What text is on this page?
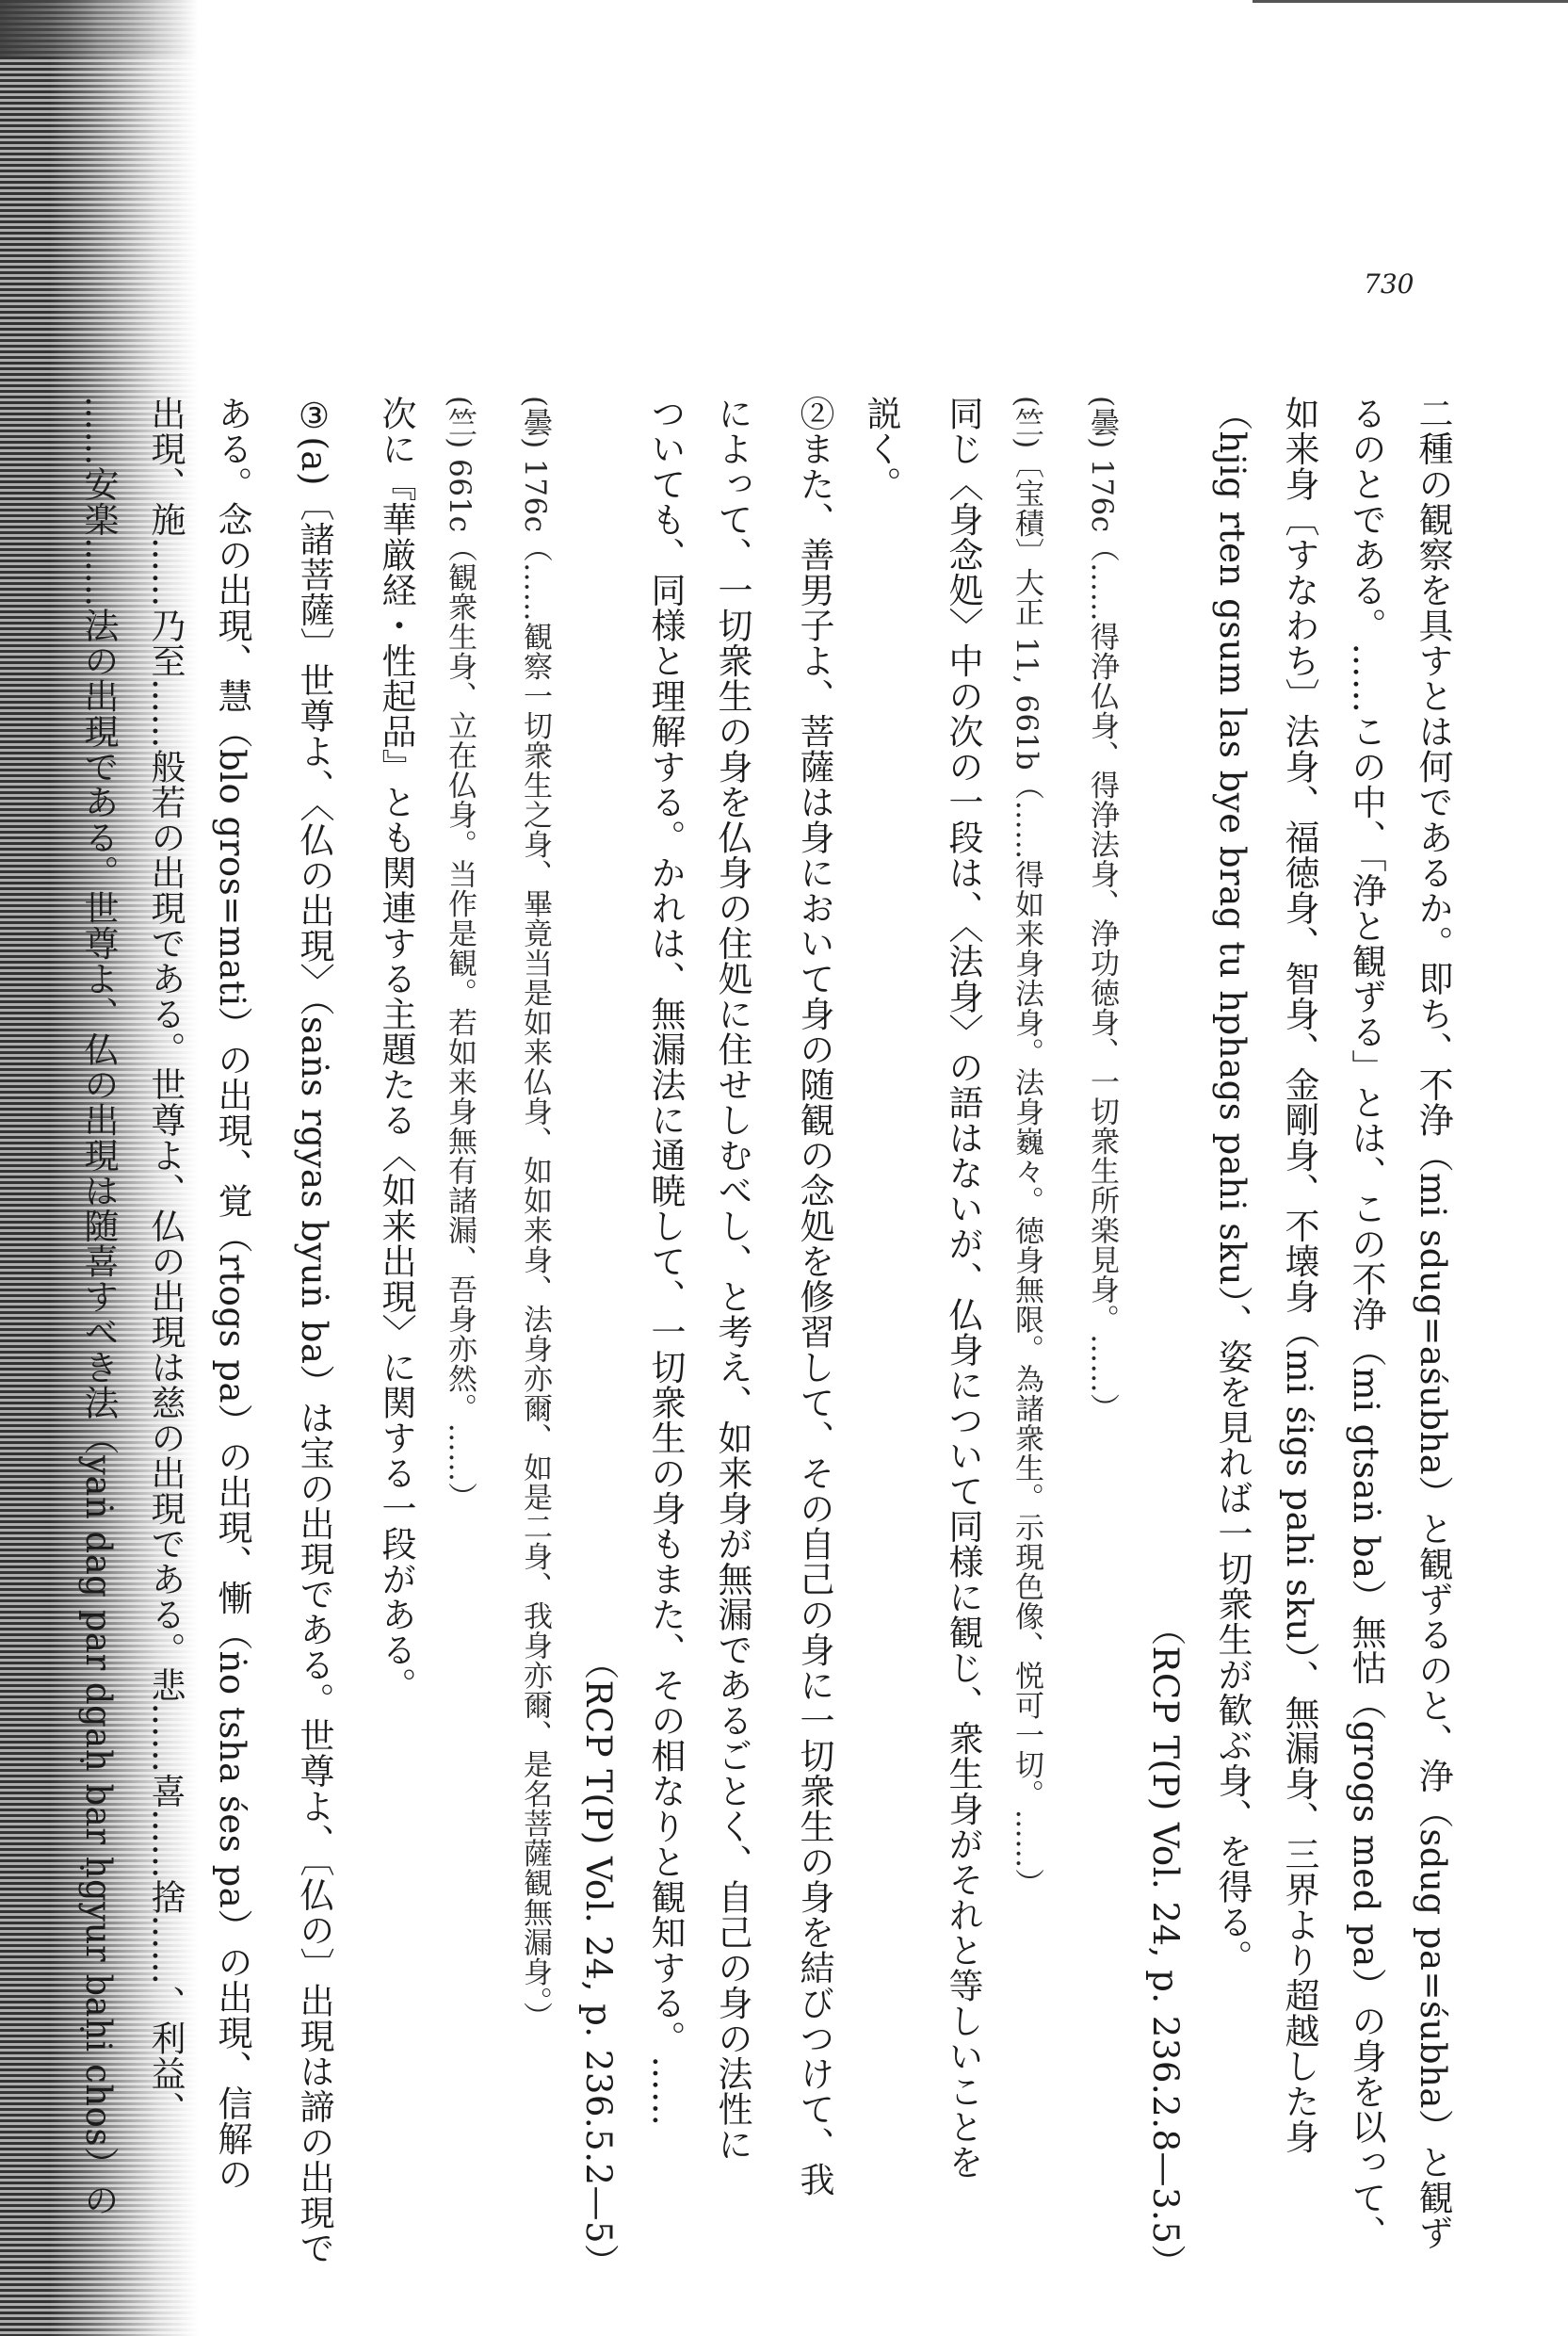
730
二種の観察を具すとは何であるか。即ち、不浄（mi sdug=aśubha）と観ずるのと、浄（sdug pa=śubha）と観ず
るのとである。……この中、「浄と観ずる」とは、この不浄（mi gtsaṅ ba）無怙（grogs med pa）の身を以って、
如来身〔すなわち〕法身、福徳身、智身、金剛身、不壊身（mi śigs pahi sku）、無漏身、三界より超越した身
（hjig rten gsum las bye brag tu hphags pahi sku）、姿を見れば一切衆生が歓ぶ身、を得る。
（RCP T(P) Vol. 24, p. 236.2.8—3.5）
(曇) 176c（……得浄仏身、得浄法身、浄功徳身、一切衆生所楽見身。……）
(竺)〔宝積〕大正 11, 661b（……得如来身法身。法身巍々。徳身無限。為諸衆生。示現色像、悦可一切。……）
同じ〈身念処〉中の次の一段は、〈法身〉の語はないが、仏身について同様に観じ、衆生身がそれと等しいことを
説く。
②また、善男子よ、菩薩は身において身の随観の念処を修習して、その自己の身に一切衆生の身を結びつけて、我
によって、一切衆生の身を仏身の住処に住せしむべし、と考え、如来身が無漏であるごとく、自己の身の法性に
ついても、同様と理解する。かれは、無漏法に通暁して、一切衆生の身もまた、その相なりと観知する。……
（RCP T(P) Vol. 24, p. 236.5.2—5）
(曇) 176c（……観察一切衆生之身、畢竟当是如来仏身、如如来身、法身亦爾、如是二身、我身亦爾、是名菩薩観無漏身。）
(竺) 661c（観衆生身、立在仏身。当作是観。若如来身無有諸漏、吾身亦然。……）
次に『華厳経・性起品』とも関連する主題たる〈如来出現〉に関する一段がある。
③(a)〔諸菩薩〕世尊よ、〈仏の出現〉（saṅs rgyas byuṅ ba）は宝の出現である。世尊よ、〔仏の〕出現は諦の出現で
ある。念の出現、慧（blo gros=mati）の出現、覚（rtogs pa）の出現、慚（ṅo tsha śes pa）の出現、信解の
出現、施……乃至……般若の出現である。世尊よ、仏の出現は慈の出現である。悲……喜……捨……、利益、
……安楽……法の出現である。世尊よ、仏の出現は随喜すべき法（yaṅ dag par dgaḥ bar ḥgyur baḥi chos）の
